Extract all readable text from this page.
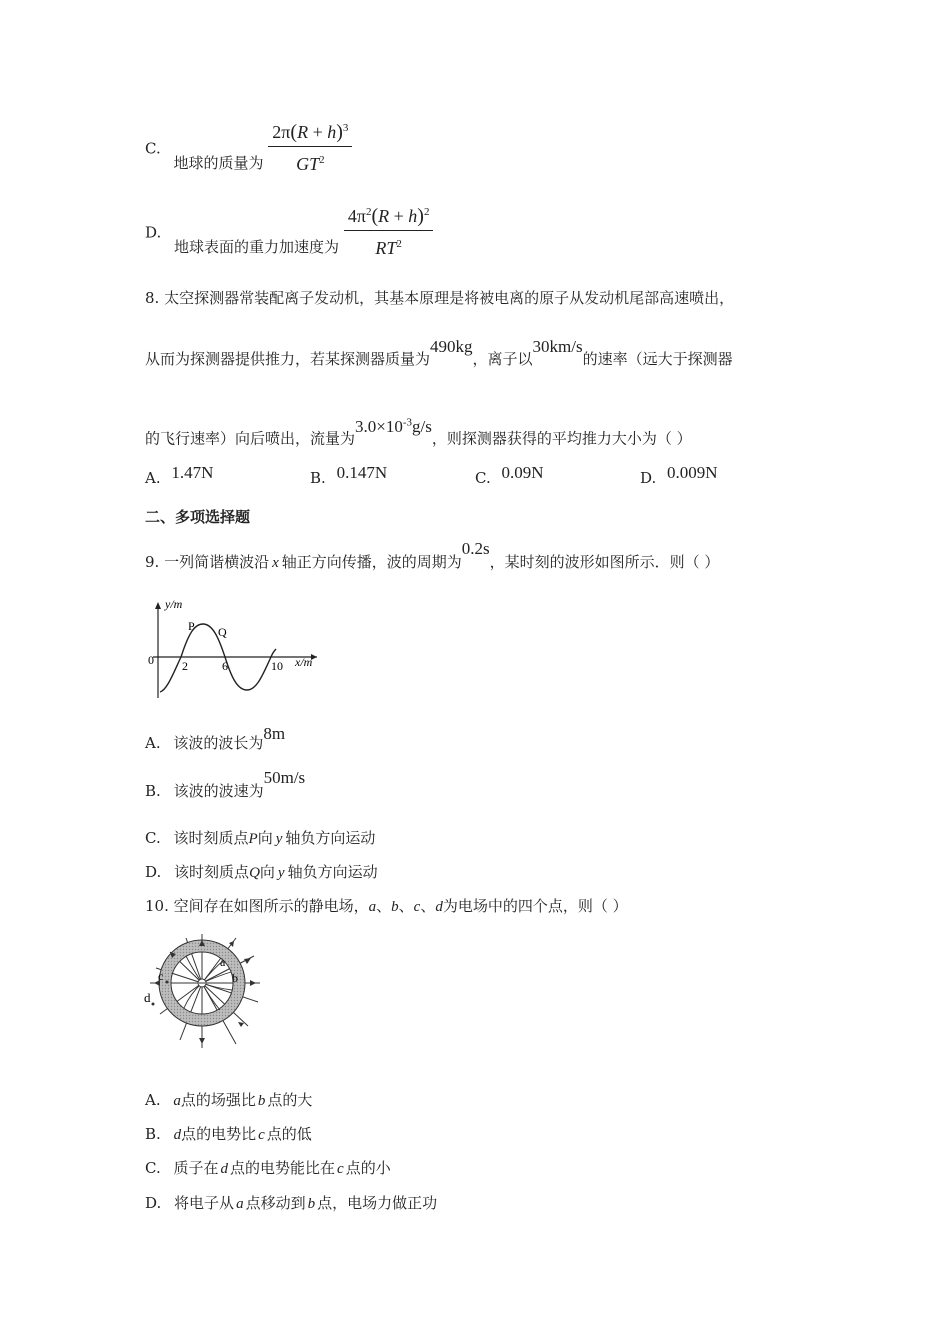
C. 地球的质量为 $\frac{2\pi(R + h)^3}{GT^2}$
D. 地球表面的重力加速度为 $\frac{4\pi^2(R + h)^2}{RT^2}$
8. 太空探测器常装配离子发动机，其基本原理是将被电离的原子从发动机尾部高速喷出，
从而为探测器提供推力，若某探测器质量为490kg，离子以30km/s的速率（远大于探测器
的飞行速率）向后喷出，流量为$3.0\times 10^{-3}g/s$，则探测器获得的平均推力大小为（ ）
A. 1.47N	B. 0.147N	C. 0.09N	D. 0.009N
二、多项选择题
9. 一列简谐横波沿 x 轴正方向传播，波的周期为0.2s，某时刻的波形如图所示．则（ ）
y/m
x/m
0 2	6	10
P Q
A. 该波的波长为8m
B. 该波的波速为50m/s
C. 该时刻质点P向 y 轴负方向运动
D. 该时刻质点Q向 y 轴负方向运动
10. 空间存在如图所示的静电场，a、b、c、d为电场中的四个点，则（ ）
a
b
c
d
A. a点的场强比 b 点的大
B. d点的电势比 c 点的低
C. 质子在 d 点的电势能比在 c 点的小
D. 将电子从 a 点移动到 b 点，电场力做正功
